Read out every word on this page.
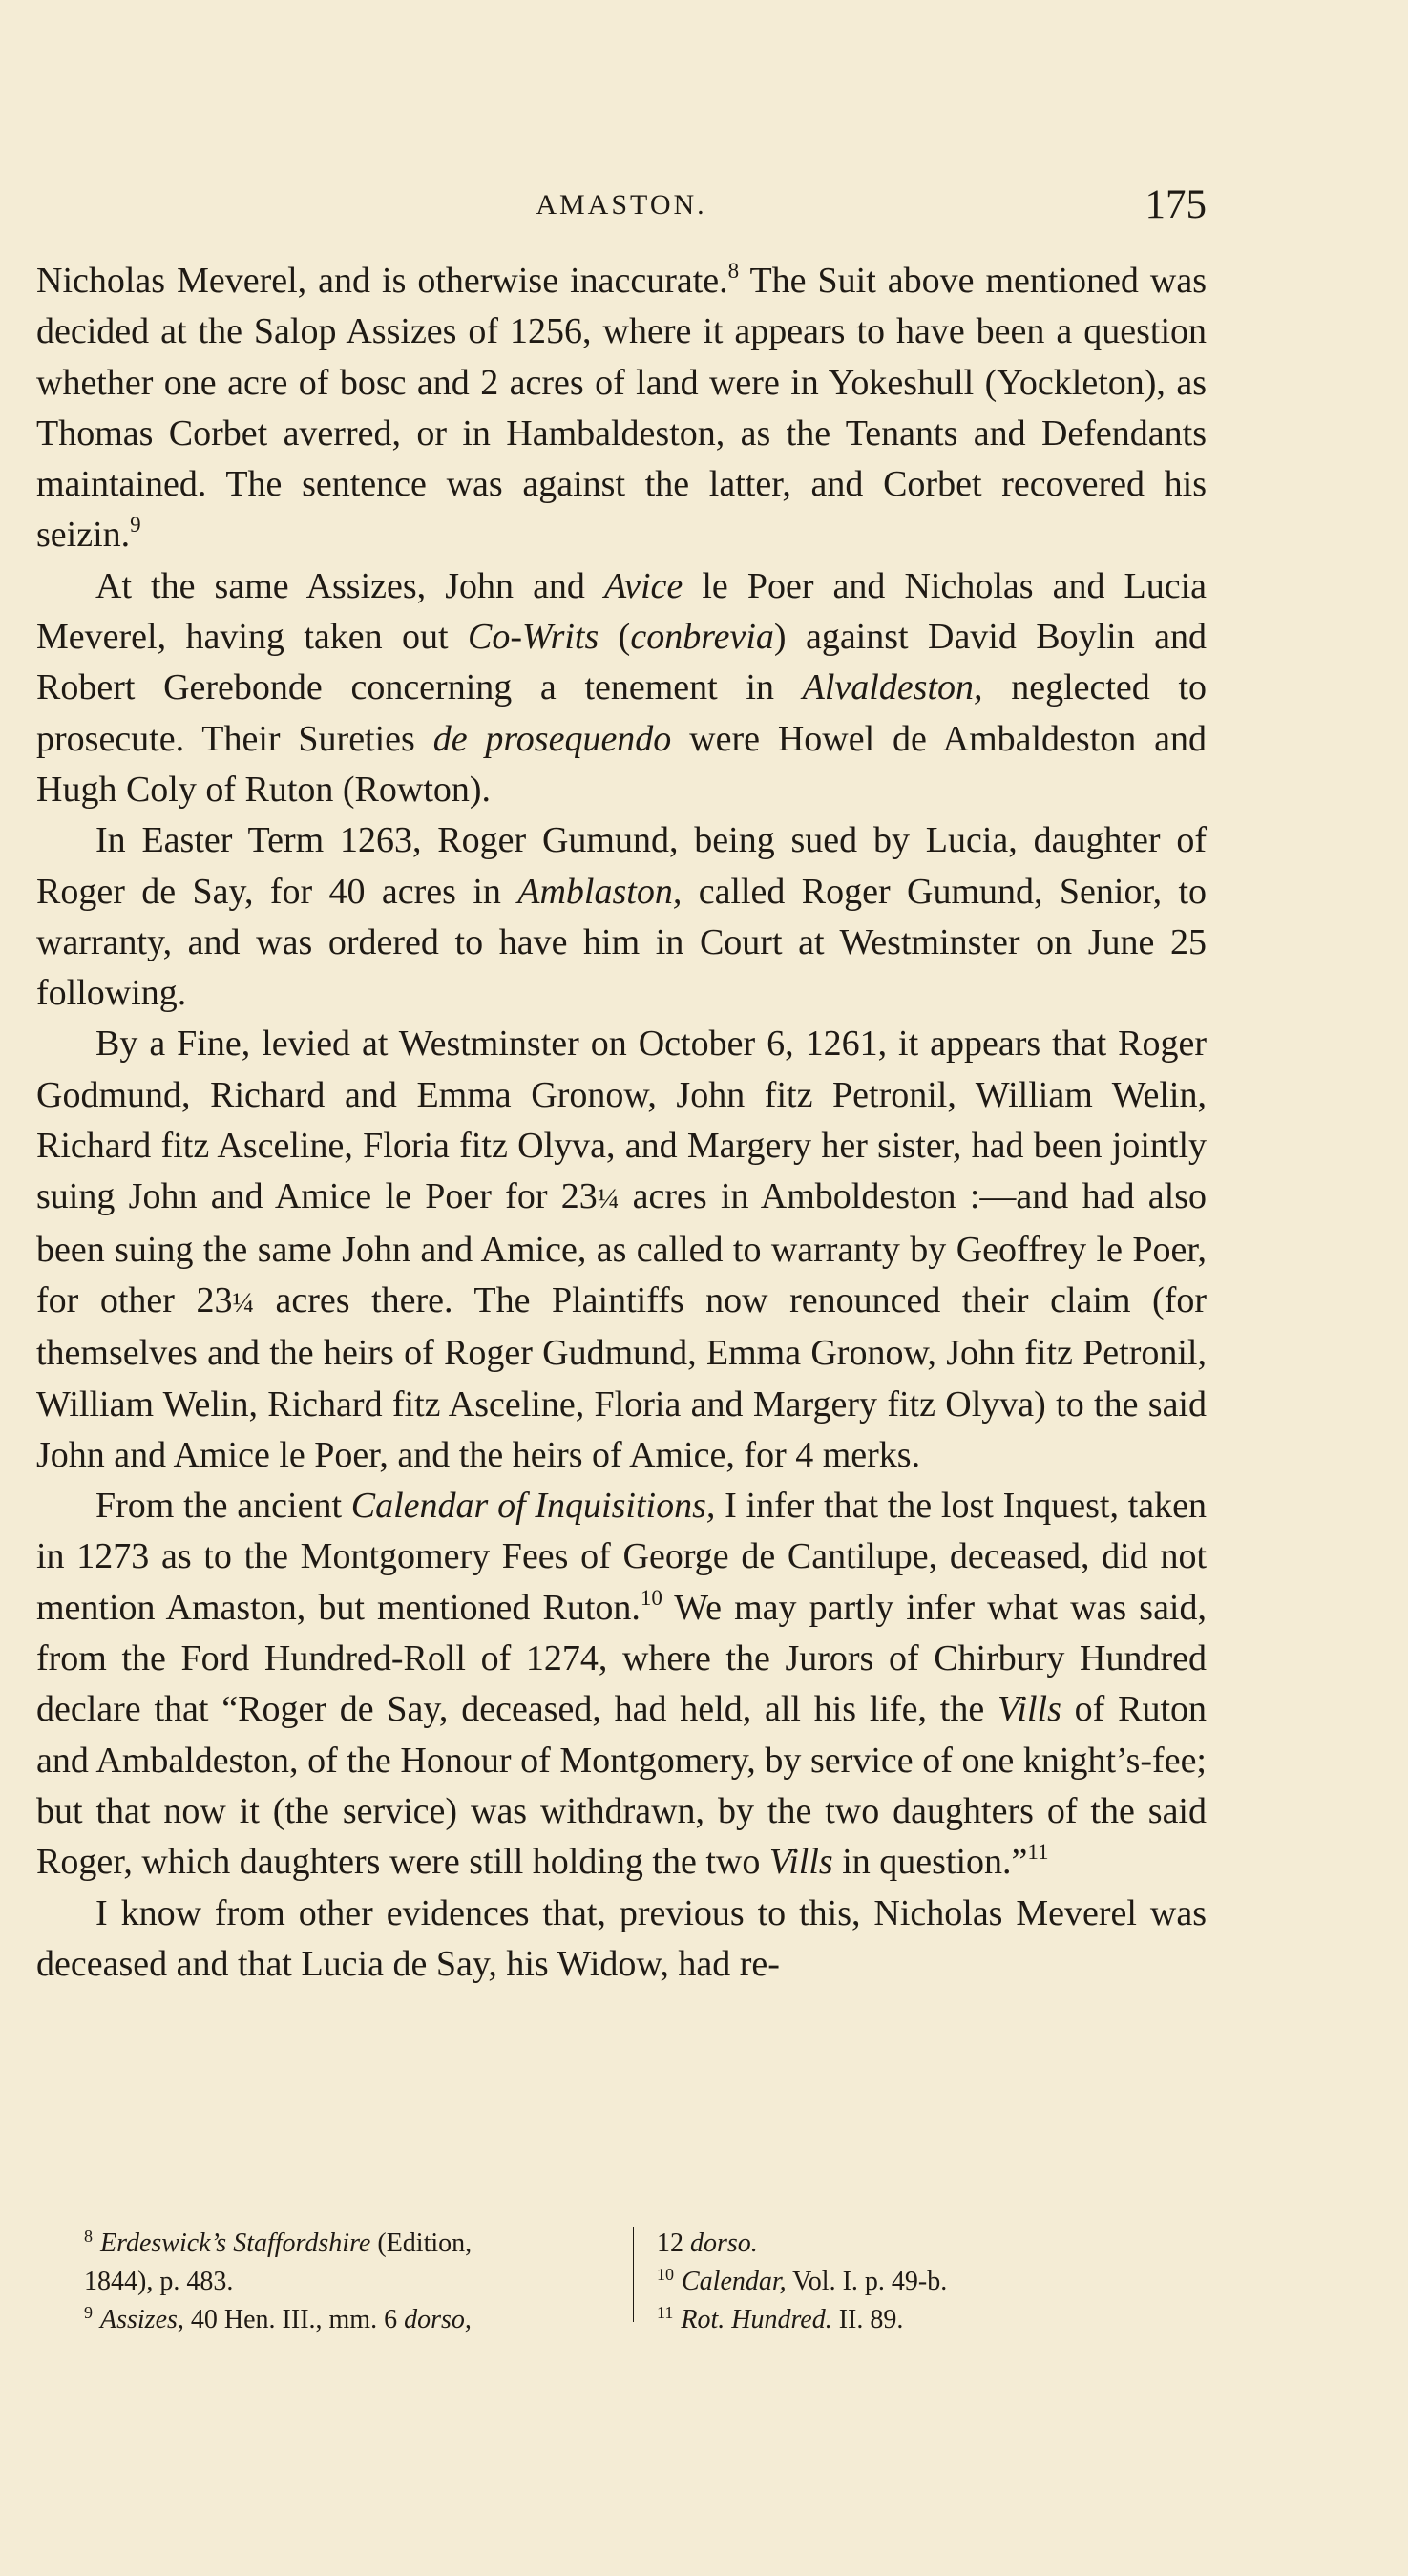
AMASTON.	175

Nicholas Meverel, and is otherwise inaccurate.$^8$ The Suit above mentioned was decided at the Salop Assizes of 1256, where it appears to have been a question whether one acre of bosc and 2 acres of land were in Yokeshull (Yockleton), as Thomas Corbet averred, or in Hambaldeston, as the Tenants and Defendants maintained. The sentence was against the latter, and Corbet recovered his seizin.$^9$

At the same Assizes, John and Avice le Poer and Nicholas and Lucia Meverel, having taken out Co-Writs (conbrevia) against David Boylin and Robert Gerebonde concerning a tenement in Alvaldeston, neglected to prosecute. Their Sureties de prosequendo were Howel de Ambaldeston and Hugh Coly of Ruton (Rowton).

In Easter Term 1263, Roger Gumund, being sued by Lucia, daughter of Roger de Say, for 40 acres in Amblaston, called Roger Gumund, Senior, to warranty, and was ordered to have him in Court at Westminster on June 25 following.

By a Fine, levied at Westminster on October 6, 1261, it appears that Roger Godmund, Richard and Emma Gronow, John fitz Petronil, William Welin, Richard fitz Asceline, Floria fitz Olyva, and Margery her sister, had been jointly suing John and Amice le Poer for 23¼ acres in Amboldeston :—and had also been suing the same John and Amice, as called to warranty by Geoffrey le Poer, for other 23¼ acres there. The Plaintiffs now renounced their claim (for themselves and the heirs of Roger Gudmund, Emma Gronow, John fitz Petronil, William Welin, Richard fitz Asceline, Floria and Margery fitz Olyva) to the said John and Amice le Poer, and the heirs of Amice, for 4 merks.

From the ancient Calendar of Inquisitions, I infer that the lost Inquest, taken in 1273 as to the Montgomery Fees of George de Cantilupe, deceased, did not mention Amaston, but mentioned Ruton.$^{10}$ We may partly infer what was said, from the Ford Hundred-Roll of 1274, where the Jurors of Chirbury Hundred declare that “Roger de Say, deceased, had held, all his life, the Vills of Ruton and Ambaldeston, of the Honour of Montgomery, by service of one knight’s-fee; but that now it (the service) was withdrawn, by the two daughters of the said Roger, which daughters were still holding the two Vills in question.”$^{11}$

I know from other evidences that, previous to this, Nicholas Meverel was deceased and that Lucia de Say, his Widow, had re-

$^8$ Erdeswick’s Staffordshire (Edition,
1844), p. 483.
$^9$ Assizes, 40 Hen. III., mm. 6 dorso,
12 dorso.
$^{10}$ Calendar, Vol. I. p. 49-b.
$^{11}$ Rot. Hundred. II. 89.
